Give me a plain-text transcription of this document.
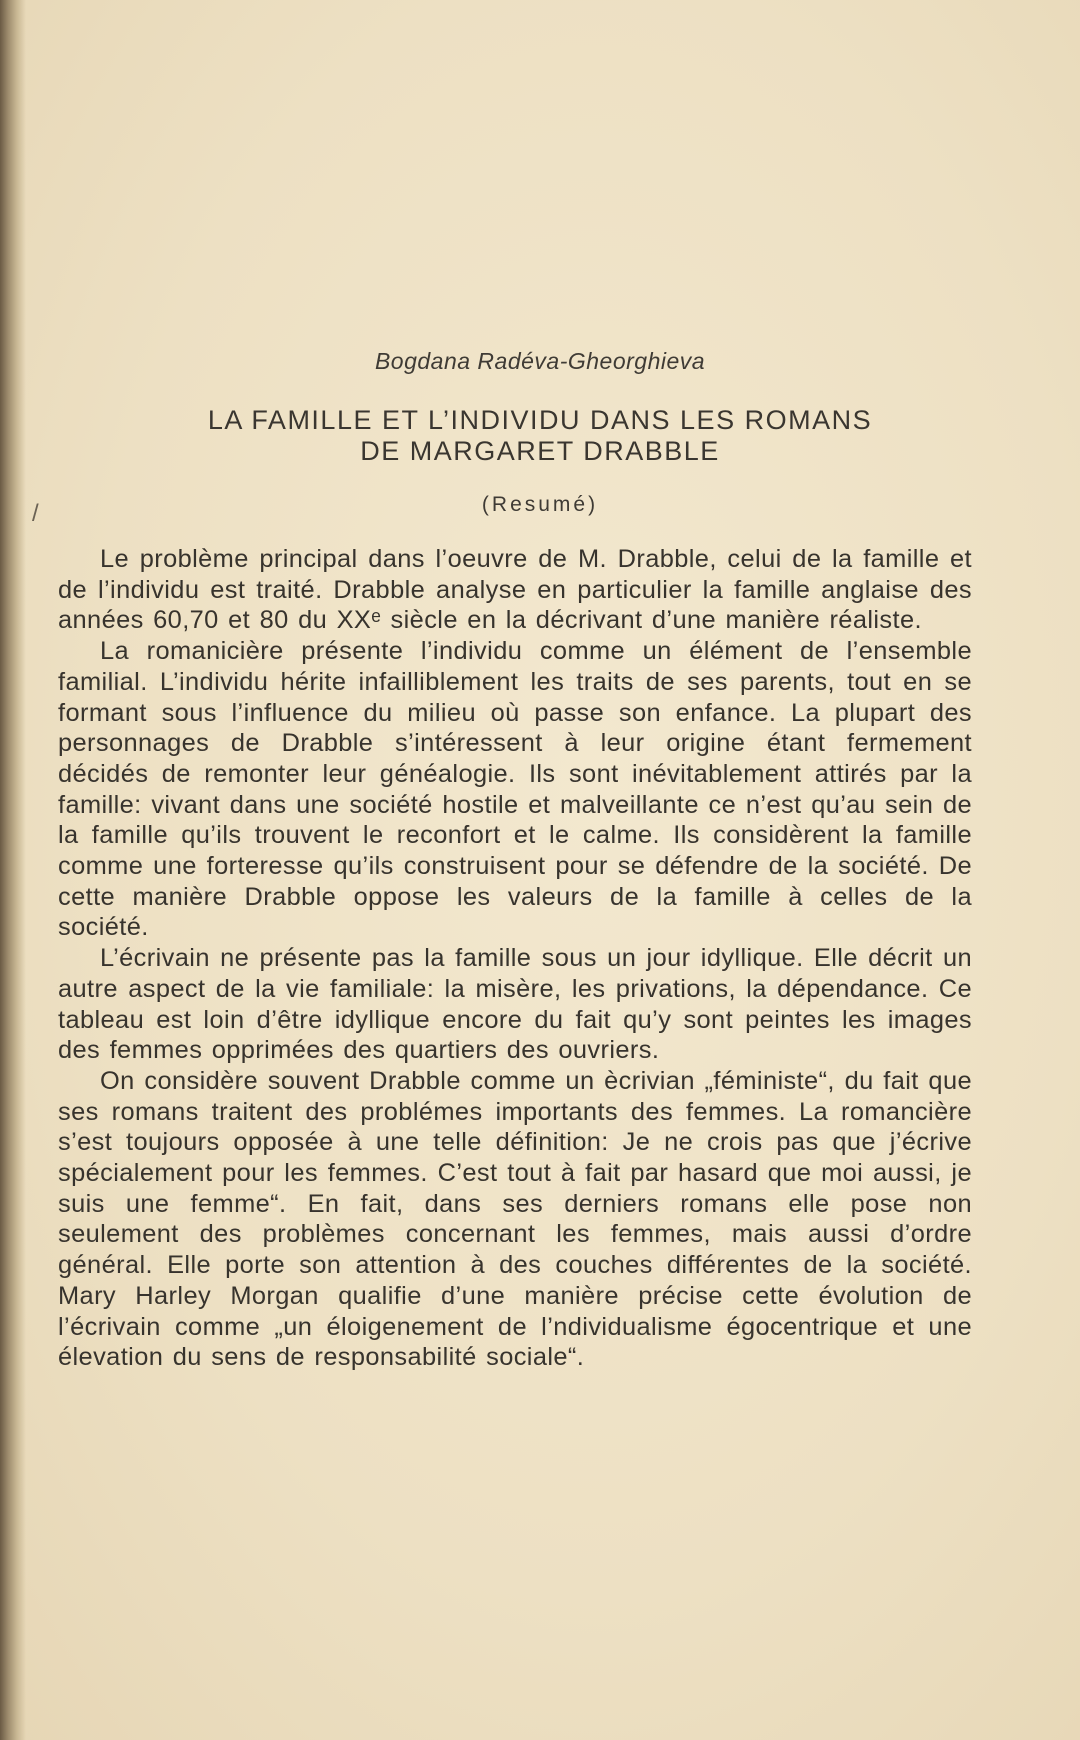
/
Bogdana Radéva-Gheorghieva
LA FAMILLE ET L’INDIVIDU DANS LES ROMANS
DE MARGARET DRABBLE
(Resumé)

Le problème principal dans l’oeuvre de M. Drabble, celui de la famille et de l’individu est traité. Drabble analyse en particulier la famille anglaise des années 60,70 et 80 du XXᵉ siècle en la décrivant d’une manière réaliste.

La romanicière présente l’individu comme un élément de l’ensemble familial. L’individu hérite infailliblement les traits de ses parents, tout en se formant sous l’influence du milieu où passe son enfance. La plupart des personnages de Drabble s’intéressent à leur origine étant fermement décidés de remonter leur généalogie. Ils sont inévitablement attirés par la famille: vivant dans une société hostile et malveillante ce n’est qu’au sein de la famille qu’ils trouvent le reconfort et le calme. Ils considèrent la famille comme une forteresse qu’ils construisent pour se défendre de la société. De cette manière Drabble oppose les valeurs de la famille à celles de la société.

L’écrivain ne présente pas la famille sous un jour idyllique. Elle décrit un autre aspect de la vie familiale: la misère, les privations, la dépendance. Ce tableau est loin d’être idyllique encore du fait qu’y sont peintes les images des femmes opprimées des quartiers des ouvriers.

On considère souvent Drabble comme un ècrivian „féministe“, du fait que ses romans traitent des problémes importants des femmes. La romancière s’est toujours opposée à une telle définition: Je ne crois pas que j’écrive spécialement pour les femmes. C’est tout à fait par hasard que moi aussi, je suis une femme“. En fait, dans ses derniers romans elle pose non seulement des problèmes concernant les femmes, mais aussi d’ordre général. Elle porte son attention à des couches différentes de la société. Mary Harley Morgan qualifie d’une manière précise cette évolution de l’écrivain comme „un éloigenement de l’ndividualisme égocentrique et une élevation du sens de responsabilité sociale“.
